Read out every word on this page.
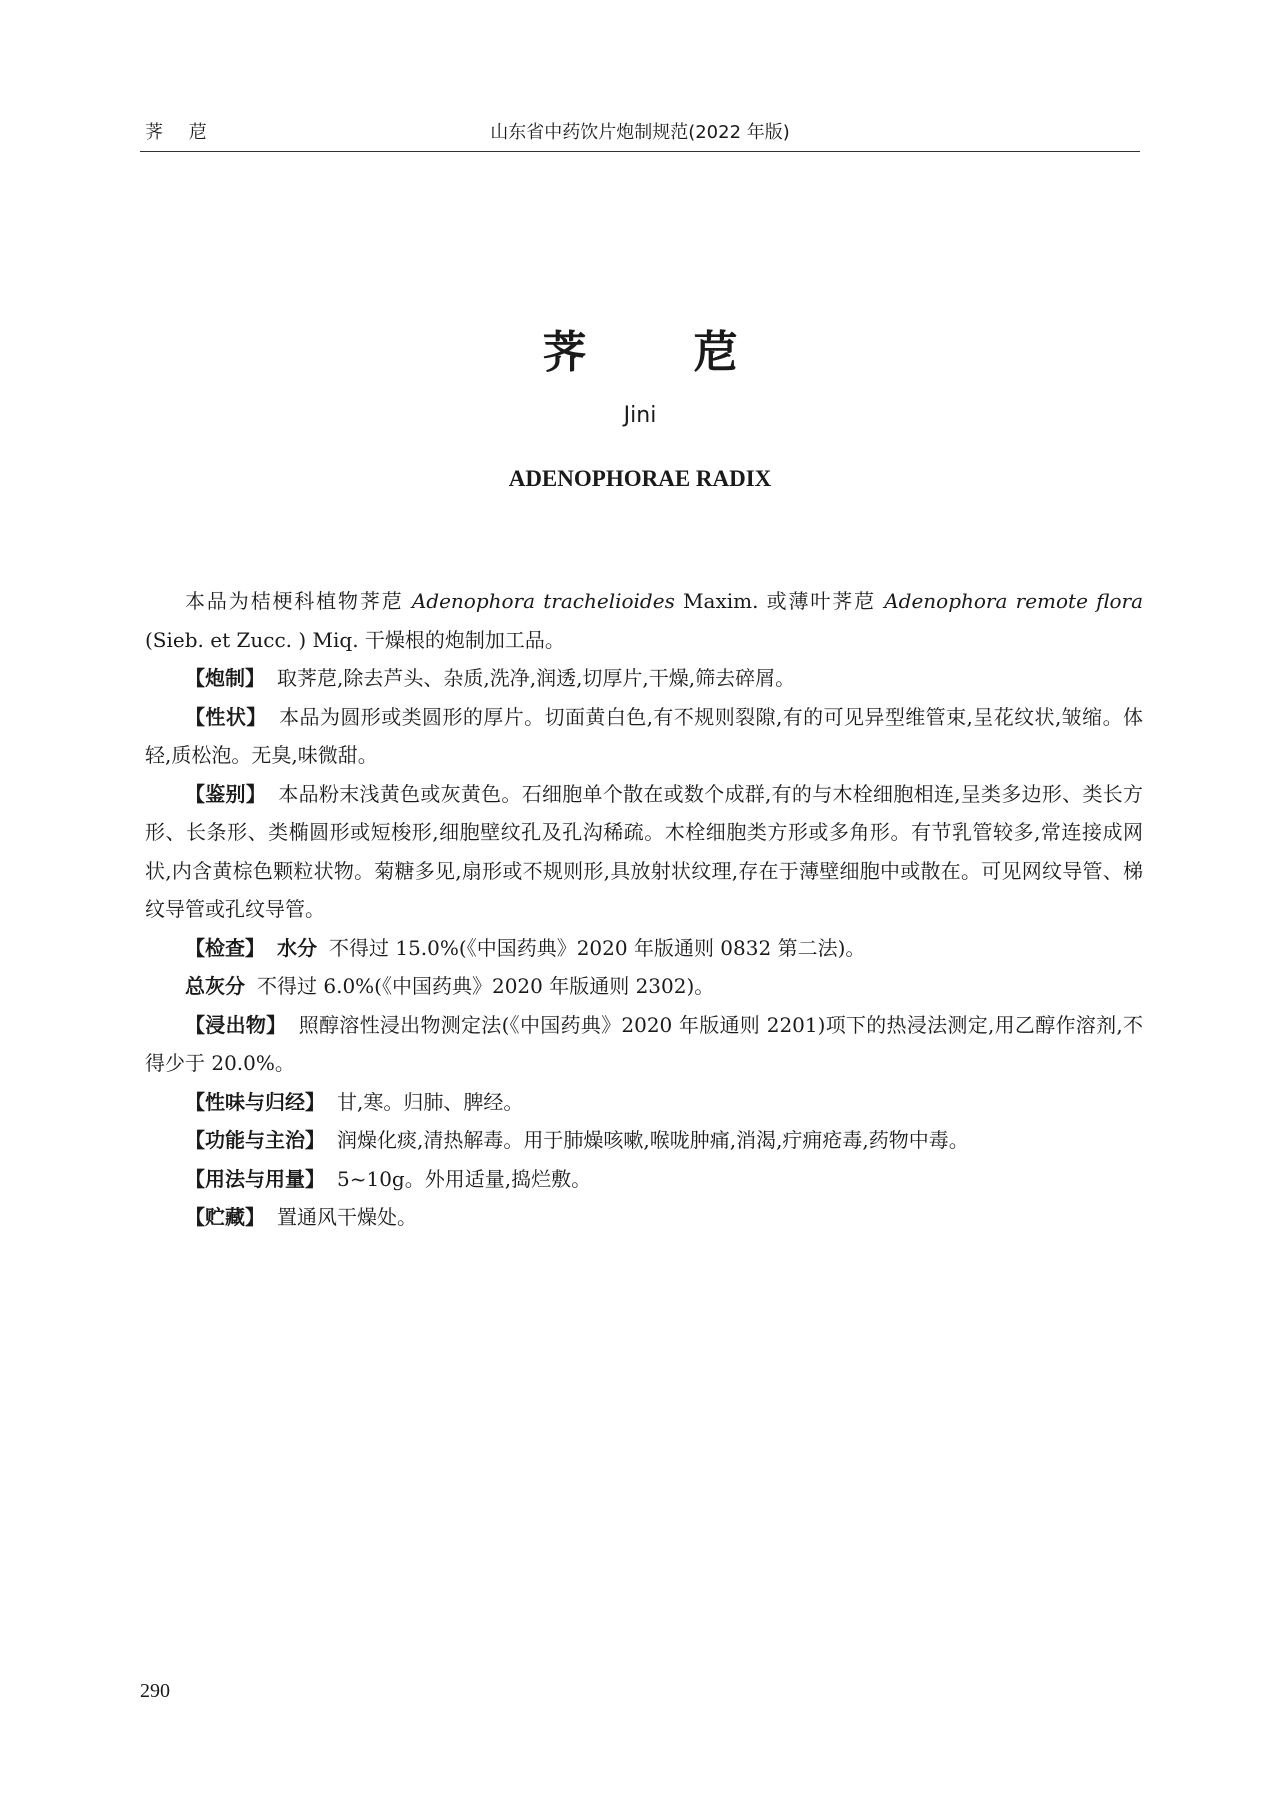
荠 苨	山东省中药饮片炮制规范(2022 年版)
荠 苨
Jini
ADENOPHORAE RADIX

本品为桔梗科植物荠苨 Adenophora trachelioides Maxim. 或薄叶荠苨 Adenophora remote flora (Sieb. et Zucc. ) Miq. 干燥根的炮制加工品。

【炮制】 取荠苨,除去芦头、杂质,洗净,润透,切厚片,干燥,筛去碎屑。

【性状】 本品为圆形或类圆形的厚片。切面黄白色,有不规则裂隙,有的可见异型维管束,呈花纹状,皱缩。体轻,质松泡。无臭,味微甜。

【鉴别】 本品粉末浅黄色或灰黄色。石细胞单个散在或数个成群,有的与木栓细胞相连,呈类多边形、类长方形、长条形、类椭圆形或短梭形,细胞壁纹孔及孔沟稀疏。木栓细胞类方形或多角形。有节乳管较多,常连接成网状,内含黄棕色颗粒状物。菊糖多见,扇形或不规则形,具放射状纹理,存在于薄壁细胞中或散在。可见网纹导管、梯纹导管或孔纹导管。

【检查】 水分 不得过 15.0%(《中国药典》2020 年版通则 0832 第二法)。

总灰分 不得过 6.0%(《中国药典》2020 年版通则 2302)。

【浸出物】 照醇溶性浸出物测定法(《中国药典》2020 年版通则 2201)项下的热浸法测定,用乙醇作溶剂,不得少于 20.0%。

【性味与归经】 甘,寒。归肺、脾经。

【功能与主治】 润燥化痰,清热解毒。用于肺燥咳嗽,喉咙肿痛,消渴,疔痈疮毒,药物中毒。

【用法与用量】 5~10g。外用适量,捣烂敷。

【贮藏】 置通风干燥处。

290
